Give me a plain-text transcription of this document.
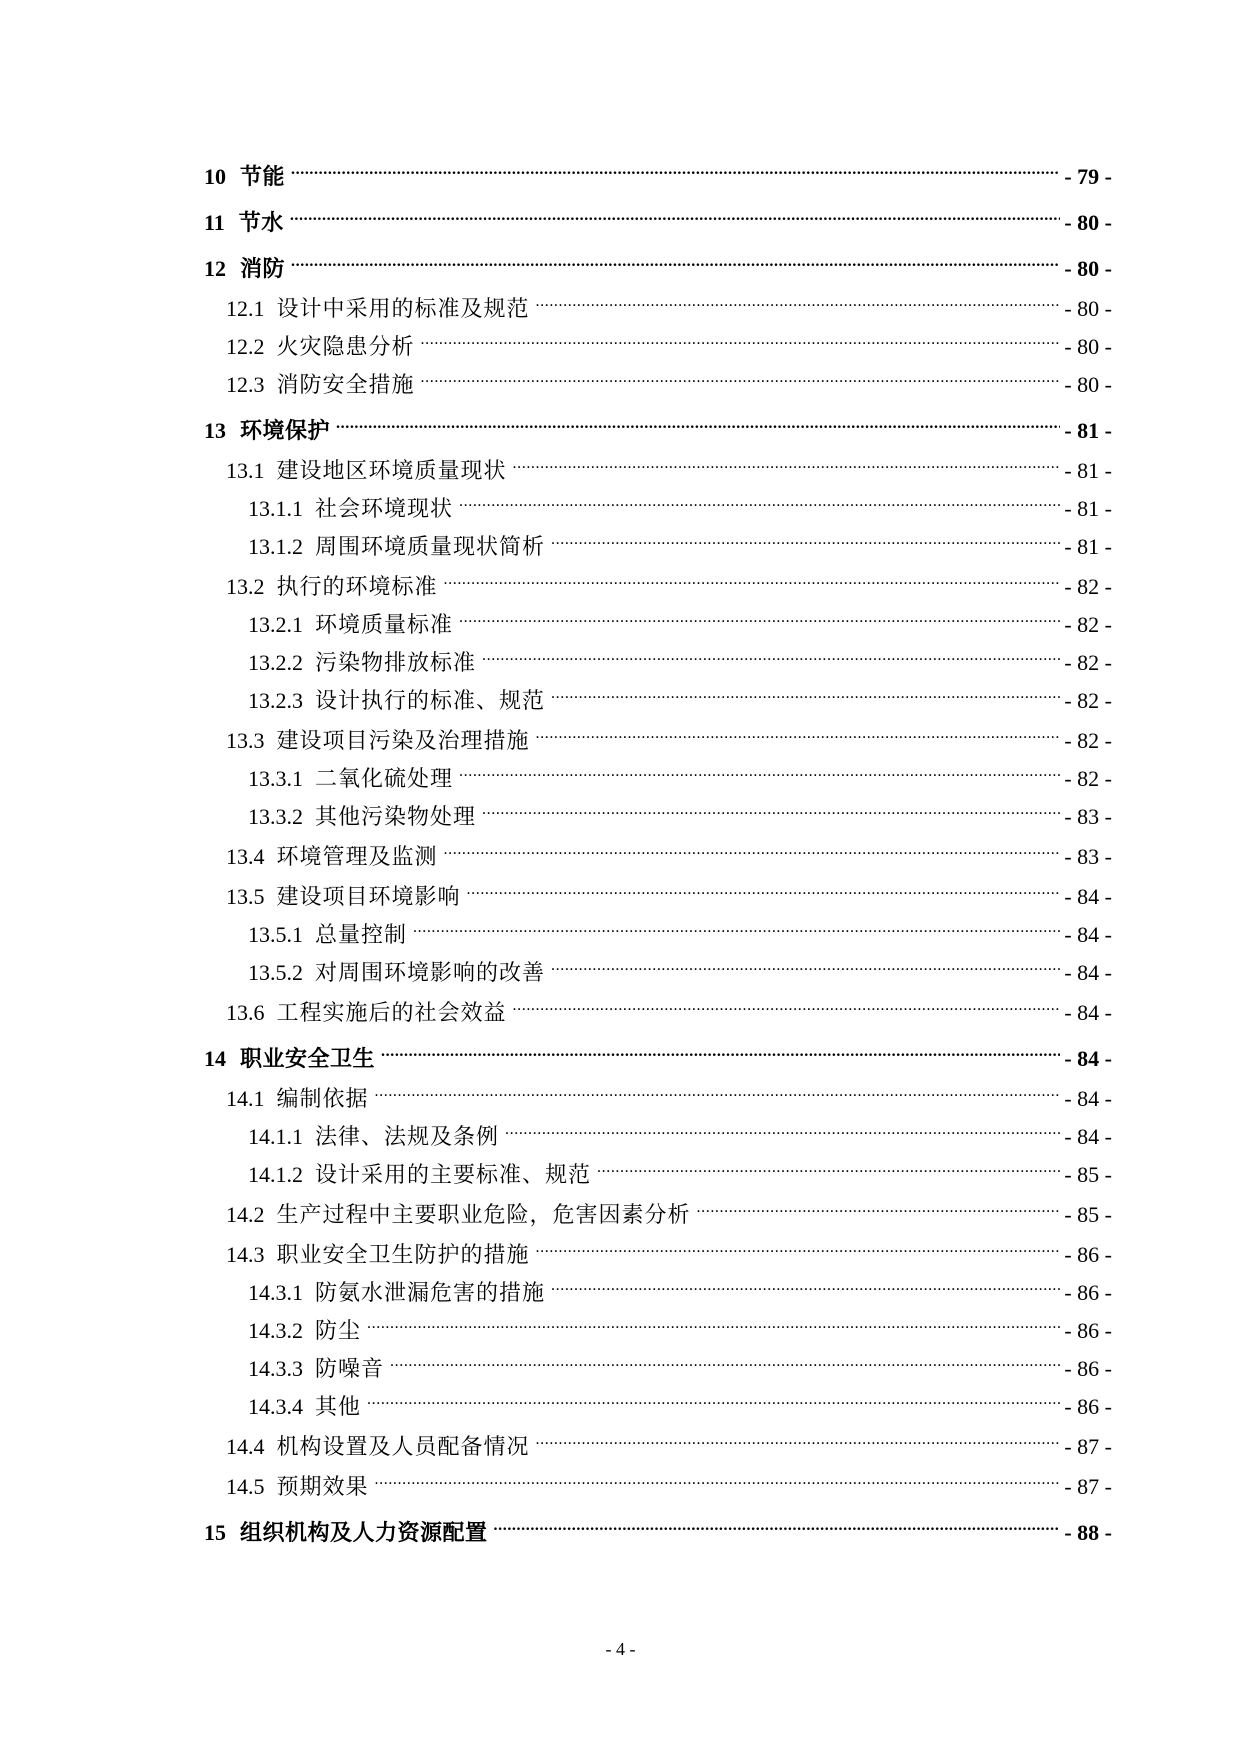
10 节能 .....	- 79 -
11 节水 .....	- 80 -
12 消防 .....	- 80 -
12.1 设计中采用的标准及规范 .....	- 80 -
12.2 火灾隐患分析 .....	- 80 -
12.3 消防安全措施 .....	- 80 -
13 环境保护 .....	- 81 -
13.1 建设地区环境质量现状 .....	- 81 -
13.1.1 社会环境现状 .....	- 81 -
13.1.2 周围环境质量现状简析 .....	- 81 -
13.2 执行的环境标准 .....	- 82 -
13.2.1 环境质量标准 .....	- 82 -
13.2.2 污染物排放标准 .....	- 82 -
13.2.3 设计执行的标准、规范 .....	- 82 -
13.3 建设项目污染及治理措施 .....	- 82 -
13.3.1 二氧化硫处理 .....	- 82 -
13.3.2 其他污染物处理 .....	- 83 -
13.4 环境管理及监测 .....	- 83 -
13.5 建设项目环境影响 .....	- 84 -
13.5.1 总量控制 .....	- 84 -
13.5.2 对周围环境影响的改善 .....	- 84 -
13.6 工程实施后的社会效益 .....	- 84 -
14 职业安全卫生 .....	- 84 -
14.1 编制依据 .....	- 84 -
14.1.1 法律、法规及条例 .....	- 84 -
14.1.2 设计采用的主要标准、规范 .....	- 85 -
14.2 生产过程中主要职业危险，危害因素分析 .....	- 85 -
14.3 职业安全卫生防护的措施 .....	- 86 -
14.3.1 防氨水泄漏危害的措施 .....	- 86 -
14.3.2 防尘 .....	- 86 -
14.3.3 防噪音 .....	- 86 -
14.3.4 其他 .....	- 86 -
14.4 机构设置及人员配备情况 .....	- 87 -
14.5 预期效果 .....	- 87 -
15 组织机构及人力资源配置 .....	- 88 -
- 4 -
